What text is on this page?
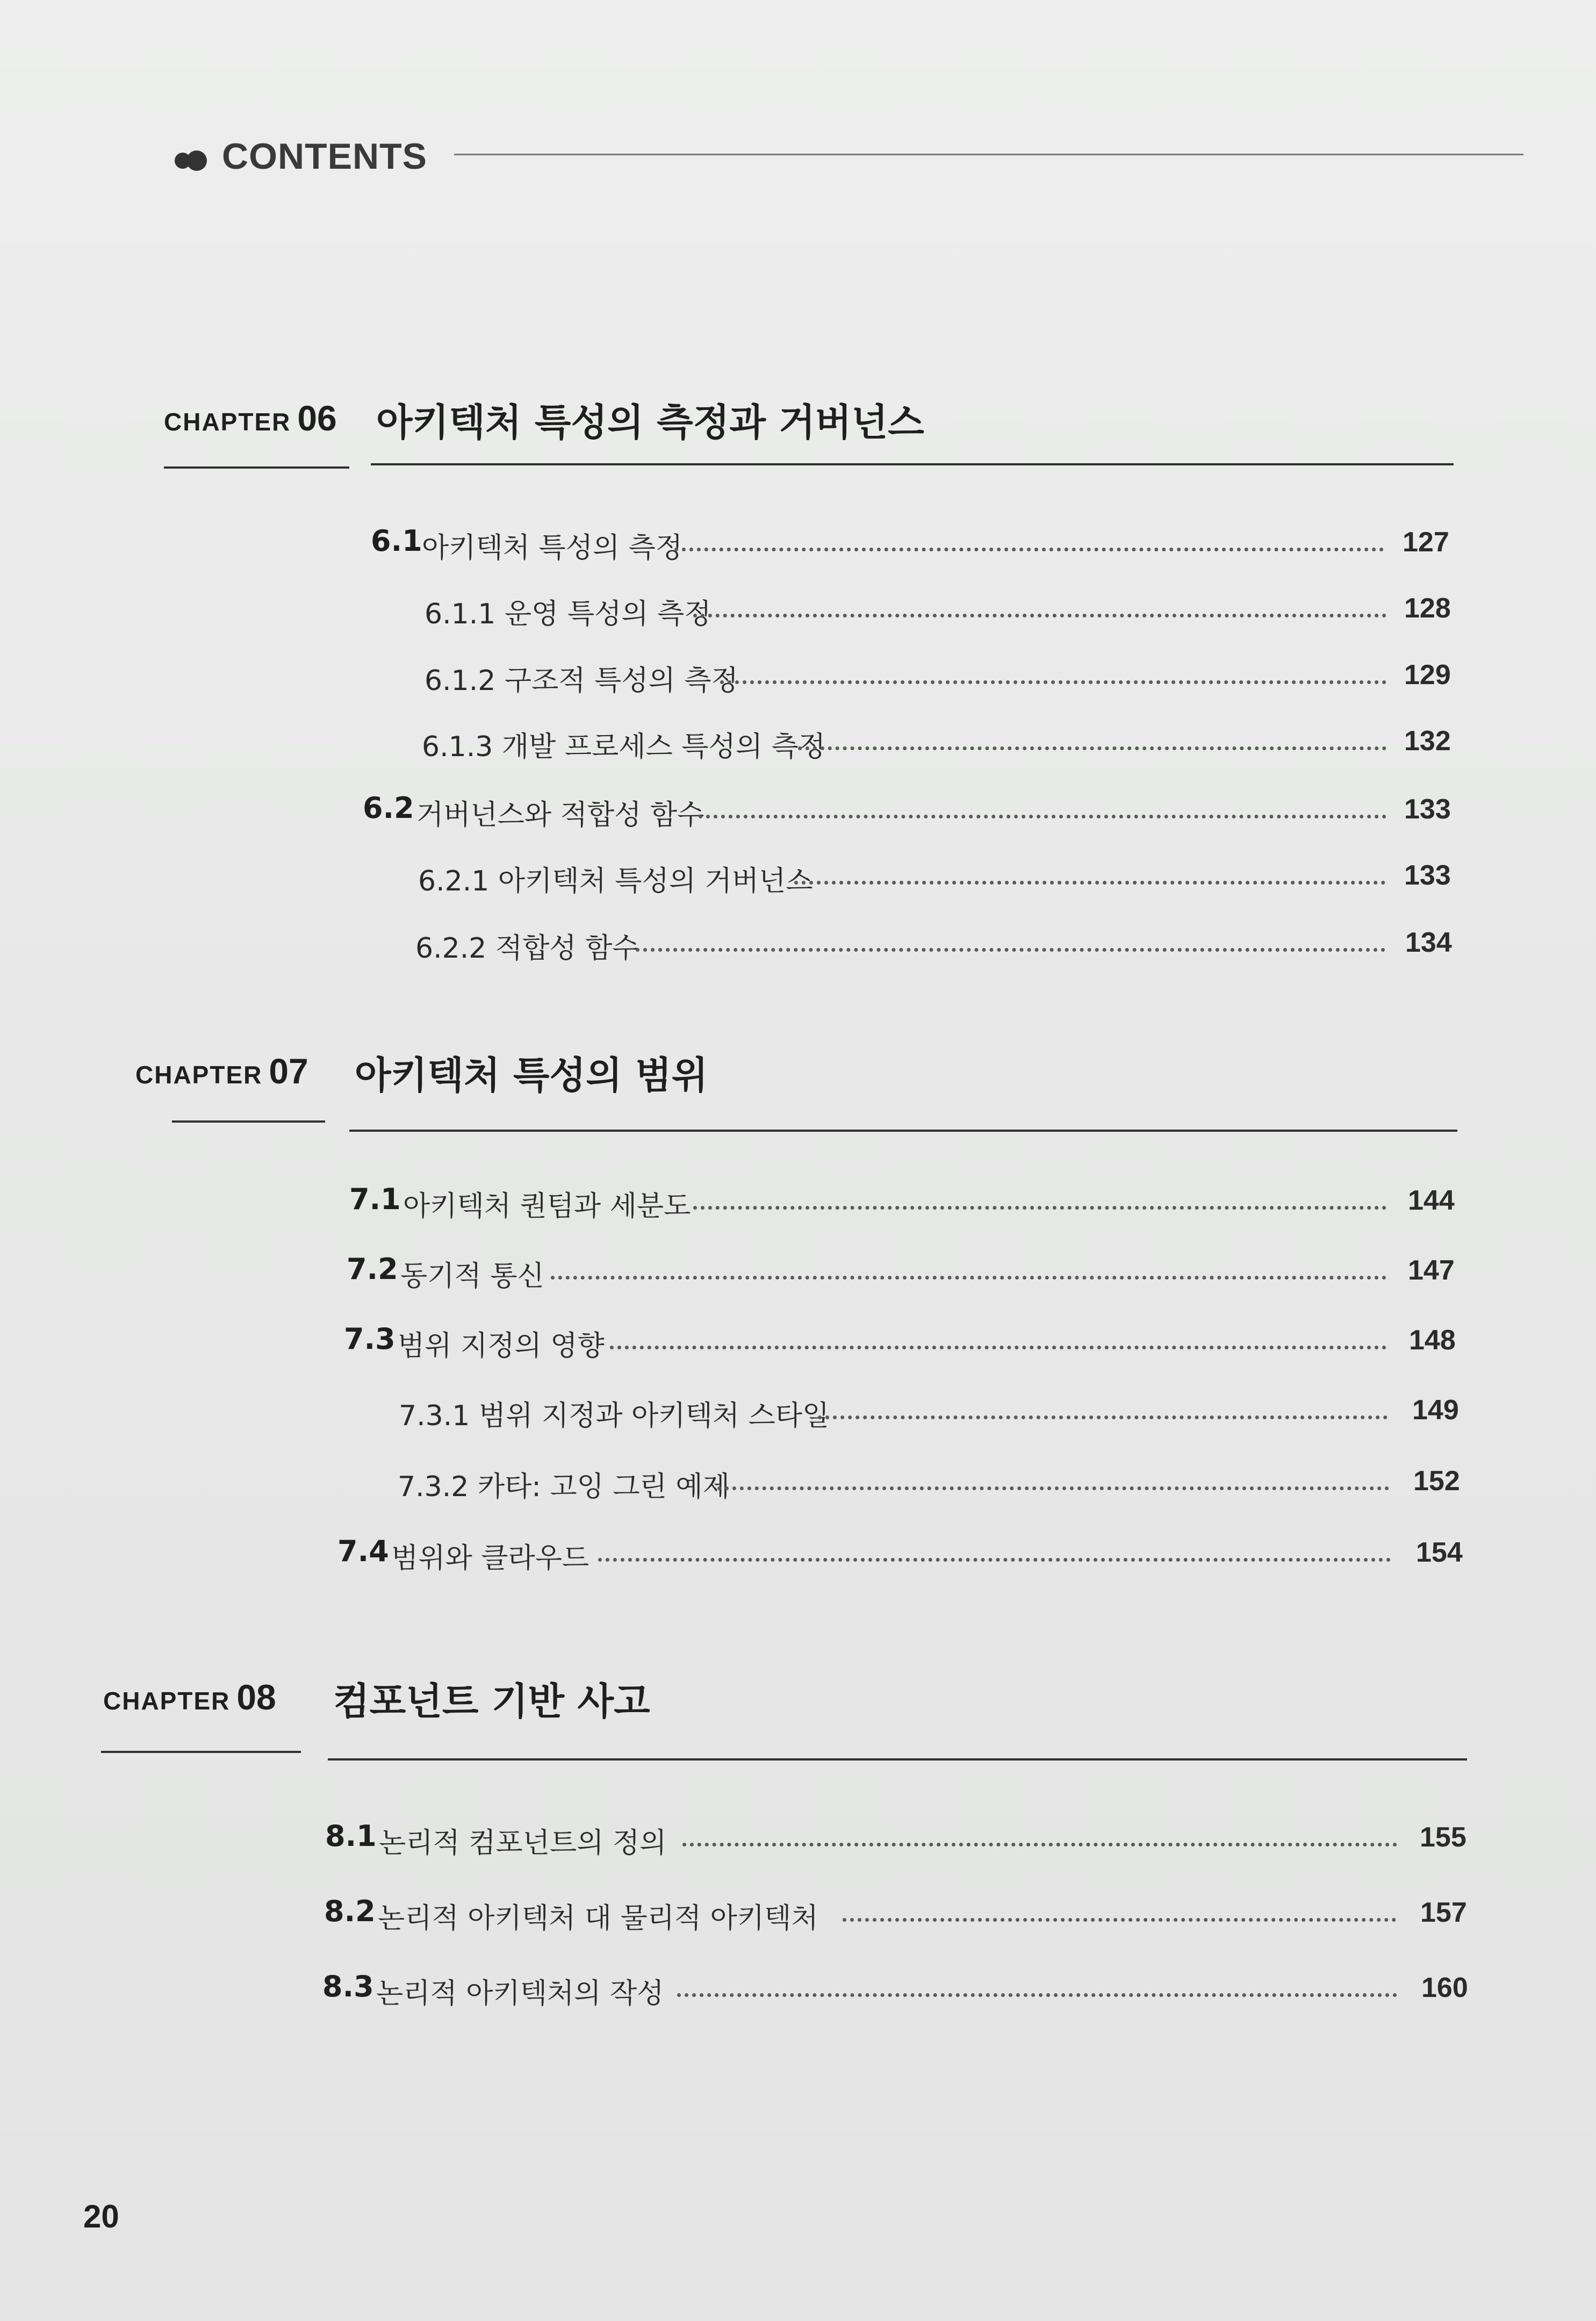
CONTENTS
CHAPTER 06 아키텍처 특성의 측정과 거버넌스
6.1 아키텍처 특성의 측정	127
6.1.1 운영 특성의 측정	128
6.1.2 구조적 특성의 측정	129
6.1.3 개발 프로세스 특성의 측정	132
6.2 거버넌스와 적합성 함수	133
6.2.1 아키텍처 특성의 거버넌스	133
6.2.2 적합성 함수	134
CHAPTER 07 아키텍처 특성의 범위
7.1 아키텍처 퀀텀과 세분도	144
7.2 동기적 통신	147
7.3 범위 지정의 영향	148
7.3.1 범위 지정과 아키텍처 스타일	149
7.3.2 카타: 고잉 그린 예제	152
7.4 범위와 클라우드	154
CHAPTER 08 컴포넌트 기반 사고
8.1 논리적 컴포넌트의 정의	155
8.2 논리적 아키텍처 대 물리적 아키텍처	157
8.3 논리적 아키텍처의 작성	160
20
